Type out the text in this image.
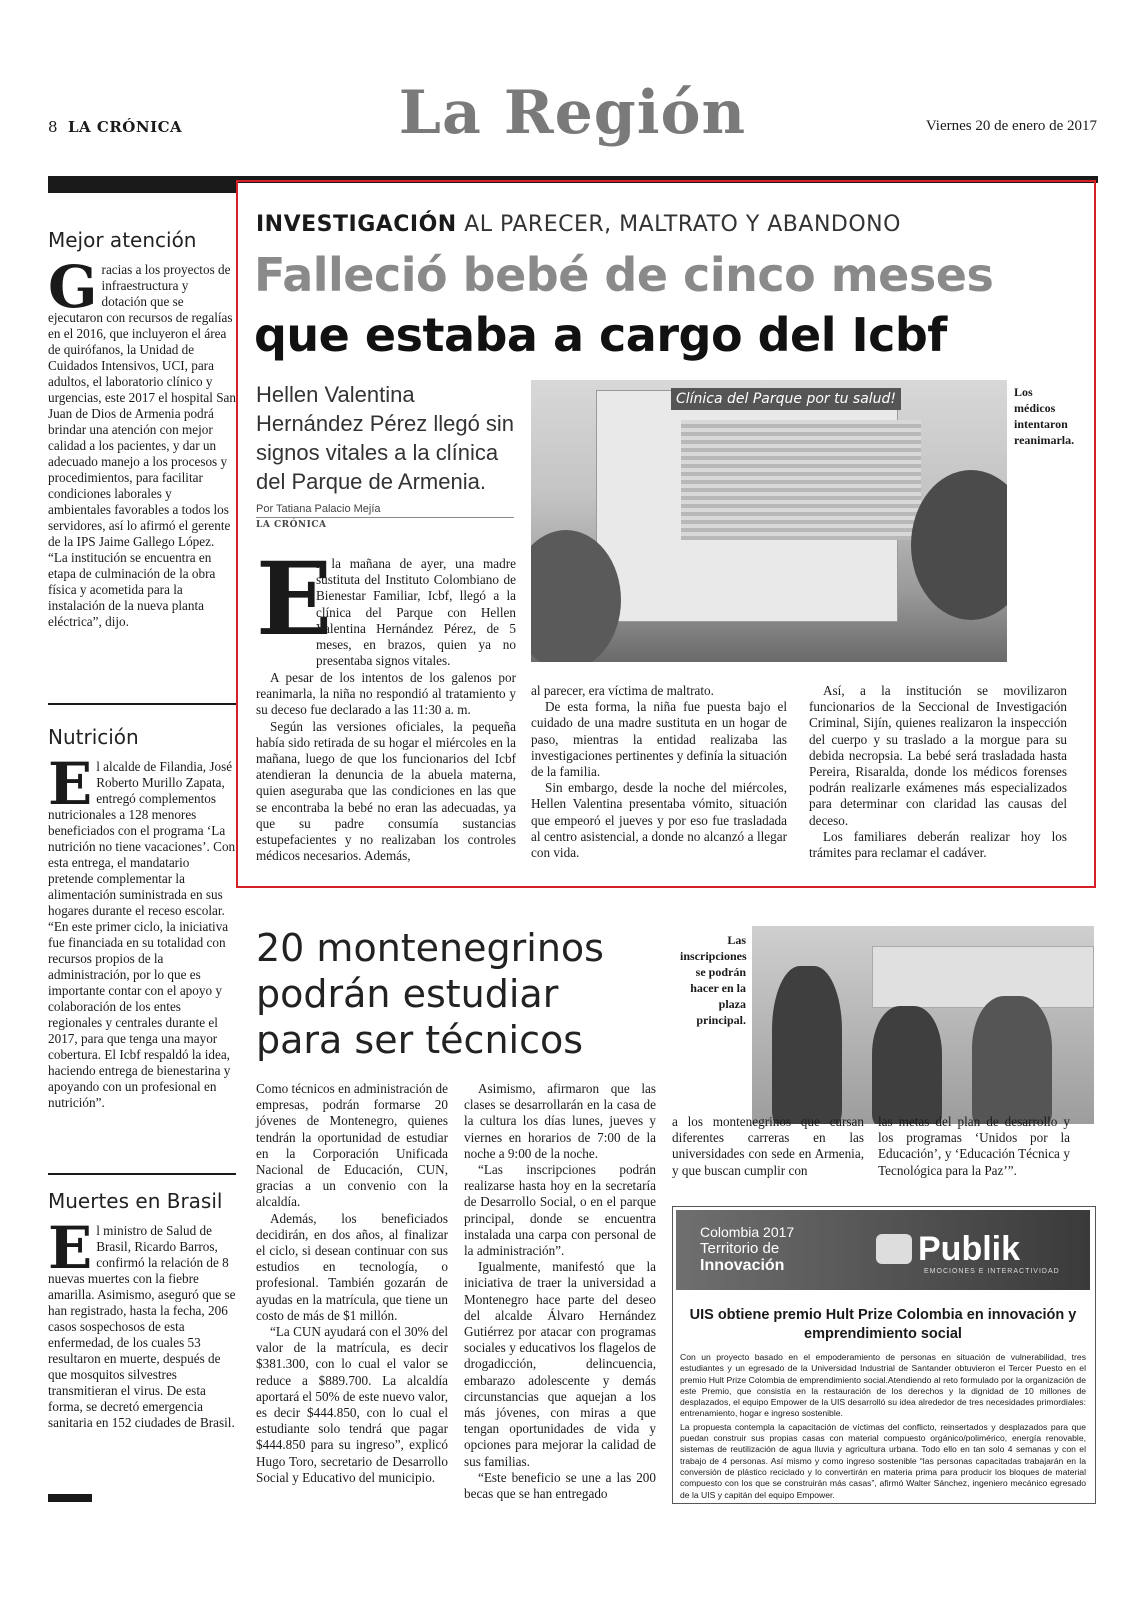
8 LA CRÓNICA	La Región	Viernes 20 de enero de 2017
Mejor atención

Gracias a los proyectos de infraestructura y dotación que se ejecutaron con recursos de regalías en el 2016, que incluyeron el área de quirófanos, la Unidad de Cuidados Intensivos, UCI, para adultos, el laboratorio clínico y urgencias, este 2017 el hospital San Juan de Dios de Armenia podrá brindar una atención con mejor calidad a los pacientes, y dar un adecuado manejo a los procesos y procedimientos, para facilitar condiciones laborales y ambientales favorables a todos los servidores, así lo afirmó el gerente de la IPS Jaime Gallego López. “La institución se encuentra en etapa de culminación de la obra física y acometida para la instalación de la nueva planta eléctrica”, dijo.

Nutrición

El alcalde de Filandia, José Roberto Murillo Zapata, entregó complementos nutricionales a 128 menores beneficiados con el programa ‘La nutrición no tiene vacaciones’. Con esta entrega, el mandatario pretende complementar la alimentación suministrada en sus hogares durante el receso escolar. “En este primer ciclo, la iniciativa fue financiada en su totalidad con recursos propios de la administración, por lo que es importante contar con el apoyo y colaboración de los entes regionales y centrales durante el 2017, para que tenga una mayor cobertura. El Icbf respaldó la idea, haciendo entrega de bienestarina y apoyando con un profesional en nutrición”.

Muertes en Brasil

El ministro de Salud de Brasil, Ricardo Barros, confirmó la relación de 8 nuevas muertes con la fiebre amarilla. Asimismo, aseguró que se han registrado, hasta la fecha, 206 casos sospechosos de esta enfermedad, de los cuales 53 resultaron en muerte, después de que mosquitos silvestres transmitieran el virus. De esta forma, se decretó emergencia sanitaria en 152 ciudades de Brasil.

INVESTIGACIÓN AL PARECER, MALTRATO Y ABANDONO
Falleció bebé de cinco meses
que estaba a cargo del Icbf
Hellen Valentina Hernández Pérez llegó sin signos vitales a la clínica del Parque de Armenia.
Por Tatiana Palacio Mejía
LA CRÓNICA
Clínica del Parque por tu salud!	Los médicos intentaron reanimarla.
E
n la mañana de ayer, una madre sustituta del Instituto Colombiano de Bienestar Familiar, Icbf, llegó a la clínica del Parque con Hellen Valentina Hernández Pérez, de 5 meses, en brazos, quien ya no presentaba signos vitales.

A pesar de los intentos de los galenos por reanimarla, la niña no respondió al tratamiento y su deceso fue declarado a las 11:30 a. m.

Según las versiones oficiales, la pequeña había sido retirada de su hogar el miércoles en la mañana, luego de que los funcionarios del Icbf atendieran la denuncia de la abuela materna, quien aseguraba que las condiciones en las que se encontraba la bebé no eran las adecuadas, ya que su padre consumía sustancias estupefacientes y no realizaban los controles médicos necesarios. Además,

al parecer, era víctima de maltrato.

De esta forma, la niña fue puesta bajo el cuidado de una madre sustituta en un hogar de paso, mientras la entidad realizaba las investigaciones pertinentes y definía la situación de la familia.

Sin embargo, desde la noche del miércoles, Hellen Valentina presentaba vómito, situación que empeoró el jueves y por eso fue trasladada al centro asistencial, a donde no alcanzó a llegar con vida.

Así, a la institución se movilizaron funcionarios de la Seccional de Investigación Criminal, Sijín, quienes realizaron la inspección del cuerpo y su traslado a la morgue para su debida necropsia. La bebé será trasladada hasta Pereira, Risaralda, donde los médicos forenses podrán realizarle exámenes más especializados para determinar con claridad las causas del deceso.

Los familiares deberán realizar hoy los trámites para reclamar el cadáver.

20 montenegrinos podrán estudiar para ser técnicos
Las inscripciones se podrán hacer en la plaza principal.

Como técnicos en administración de empresas, podrán formarse 20 jóvenes de Montenegro, quienes tendrán la oportunidad de estudiar en la Corporación Unificada Nacional de Educación, CUN, gracias a un convenio con la alcaldía.

Además, los beneficiados decidirán, en dos años, al finalizar el ciclo, si desean continuar con sus estudios en tecnología, o profesional. También gozarán de ayudas en la matrícula, que tiene un costo de más de $1 millón.

“La CUN ayudará con el 30% del valor de la matrícula, es decir $381.300, con lo cual el valor se reduce a $889.700. La alcaldía aportará el 50% de este nuevo valor, es decir $444.850, con lo cual el estudiante solo tendrá que pagar $444.850 para su ingreso”, explicó Hugo Toro, secretario de Desarrollo Social y Educativo del municipio.

Asimismo, afirmaron que las clases se desarrollarán en la casa de la cultura los días lunes, jueves y viernes en horarios de 7:00 de la noche a 9:00 de la noche.

“Las inscripciones podrán realizarse hasta hoy en la secretaría de Desarrollo Social, o en el parque principal, donde se encuentra instalada una carpa con personal de la administración”.

Igualmente, manifestó que la iniciativa de traer la universidad a Montenegro hace parte del deseo del alcalde Álvaro Hernández Gutiérrez por atacar con programas sociales y educativos los flagelos de drogadicción, delincuencia, embarazo adolescente y demás circunstancias que aquejan a los más jóvenes, con miras a que tengan oportunidades de vida y opciones para mejorar la calidad de sus familias.

“Este beneficio se une a las 200 becas que se han entregado

a los montenegrinos que cursan diferentes carreras en las universidades con sede en Armenia, y que buscan cumplir con

las metas del plan de desarrollo y los programas ‘Unidos por la Educación’, y ‘Educación Técnica y Tecnológica para la Paz’”.

Colombia 2017
Territorio de
Innovación	Publik
EMOCIONES E INTERACTIVIDAD
UIS obtiene premio Hult Prize Colombia en innovación y emprendimiento social

Con un proyecto basado en el empoderamiento de personas en situación de vulnerabilidad, tres estudiantes y un egresado de la Universidad Industrial de Santander obtuvieron el Tercer Puesto en el premio Hult Prize Colombia de emprendimiento social.Atendiendo al reto formulado por la organización de este Premio, que consistía en la restauración de los derechos y la dignidad de 10 millones de desplazados, el equipo Empower de la UIS desarrolló su idea alrededor de tres necesidades primordiales: entrenamiento, hogar e ingreso sostenible.

La propuesta contempla la capacitación de víctimas del conflicto, reinsertados y desplazados para que puedan construir sus propias casas con material compuesto orgánico/polimérico, energía renovable, sistemas de reutilización de agua lluvia y agricultura urbana. Todo ello en tan solo 4 semanas y con el trabajo de 4 personas. Así mismo y como ingreso sostenible “las personas capacitadas trabajarán en la conversión de plástico reciclado y lo convertirán en materia prima para producir los bloques de material compuesto con los que se construirán más casas”, afirmó Walter Sánchez, ingeniero mecánico egresado de la UIS y capitán del equipo Empower.
